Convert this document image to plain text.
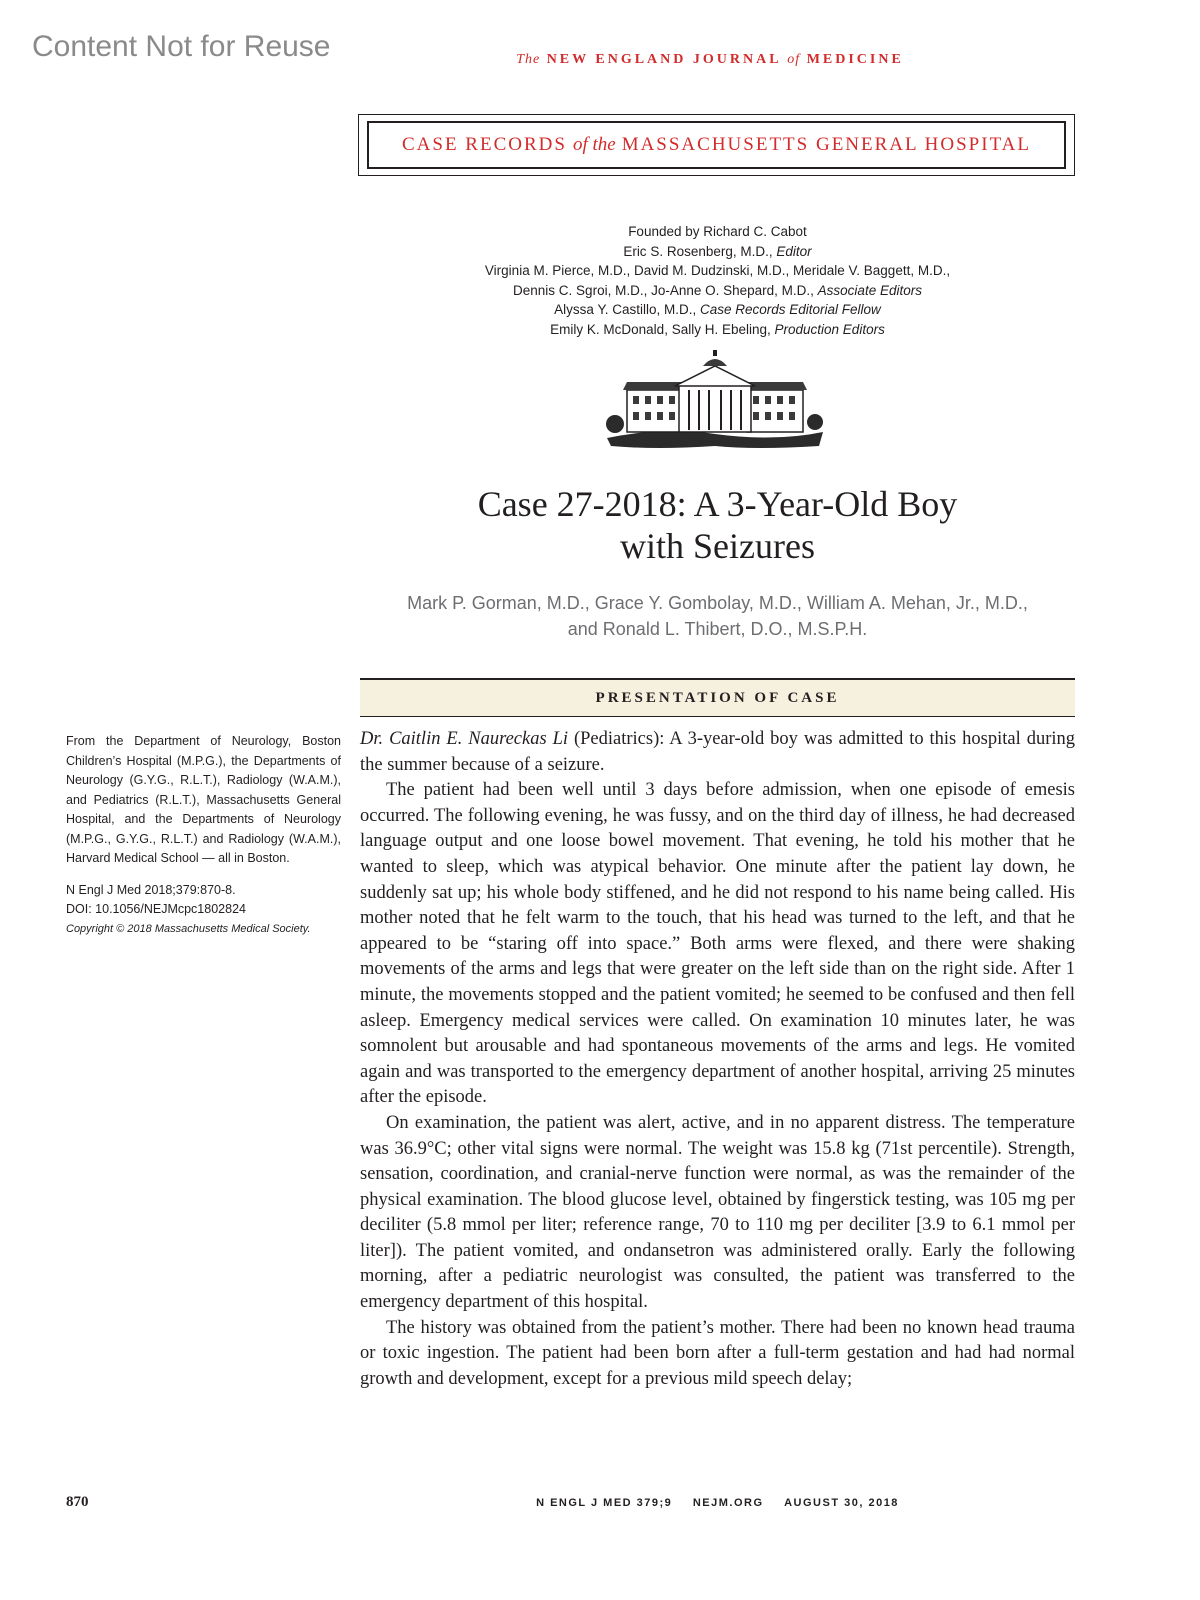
Content Not for Reuse	The NEW ENGLAND JOURNAL of MEDICINE
CASE RECORDS of the MASSACHUSETTS GENERAL HOSPITAL
Founded by Richard C. Cabot
Eric S. Rosenberg, M.D., Editor
Virginia M. Pierce, M.D., David M. Dudzinski, M.D., Meridale V. Baggett, M.D.,
Dennis C. Sgroi, M.D., Jo-Anne O. Shepard, M.D., Associate Editors
Alyssa Y. Castillo, M.D., Case Records Editorial Fellow
Emily K. McDonald, Sally H. Ebeling, Production Editors
Case 27-2018: A 3-Year-Old Boy
with Seizures
Mark P. Gorman, M.D., Grace Y. Gombolay, M.D., William A. Mehan, Jr., M.D.,
and Ronald L. Thibert, D.O., M.S.P.H.
PRESENTATION OF CASE

From the Department of Neurology, Boston Children’s Hospital (M.P.G.), the Departments of Neurology (G.Y.G., R.L.T.), Radiology (W.A.M.), and Pediatrics (R.L.T.), Massachusetts General Hospital, and the Departments of Neurology (M.P.G., G.Y.G., R.L.T.) and Radiology (W.A.M.), Harvard Medical School — all in Boston.

N Engl J Med 2018;379:870-8.

DOI: 10.1056/NEJMcpc1802824

Copyright © 2018 Massachusetts Medical Society.

Dr. Caitlin E. Naureckas Li (Pediatrics): A 3-year-old boy was admitted to this hospital during the summer because of a seizure.

The patient had been well until 3 days before admission, when one episode of emesis occurred. The following evening, he was fussy, and on the third day of illness, he had decreased language output and one loose bowel movement. That evening, he told his mother that he wanted to sleep, which was atypical behavior. One minute after the patient lay down, he suddenly sat up; his whole body stiffened, and he did not respond to his name being called. His mother noted that he felt warm to the touch, that his head was turned to the left, and that he appeared to be “staring off into space.” Both arms were flexed, and there were shaking movements of the arms and legs that were greater on the left side than on the right side. After 1 minute, the movements stopped and the patient vomited; he seemed to be confused and then fell asleep. Emergency medical services were called. On examination 10 minutes later, he was somnolent but arousable and had spontaneous movements of the arms and legs. He vomited again and was transported to the emergency department of another hospital, arriving 25 minutes after the episode.

On examination, the patient was alert, active, and in no apparent distress. The temperature was 36.9°C; other vital signs were normal. The weight was 15.8 kg (71st percentile). Strength, sensation, coordination, and cranial-nerve function were normal, as was the remainder of the physical examination. The blood glucose level, obtained by fingerstick testing, was 105 mg per deciliter (5.8 mmol per liter; reference range, 70 to 110 mg per deciliter [3.9 to 6.1 mmol per liter]). The patient vomited, and ondansetron was administered orally. Early the following morning, after a pediatric neurologist was consulted, the patient was transferred to the emergency department of this hospital.

The history was obtained from the patient’s mother. There had been no known head trauma or toxic ingestion. The patient had been born after a full-term gestation and had had normal growth and development, except for a previous mild speech delay;

870	N ENGL J MED 379;9 NEJM.ORG AUGUST 30, 2018
